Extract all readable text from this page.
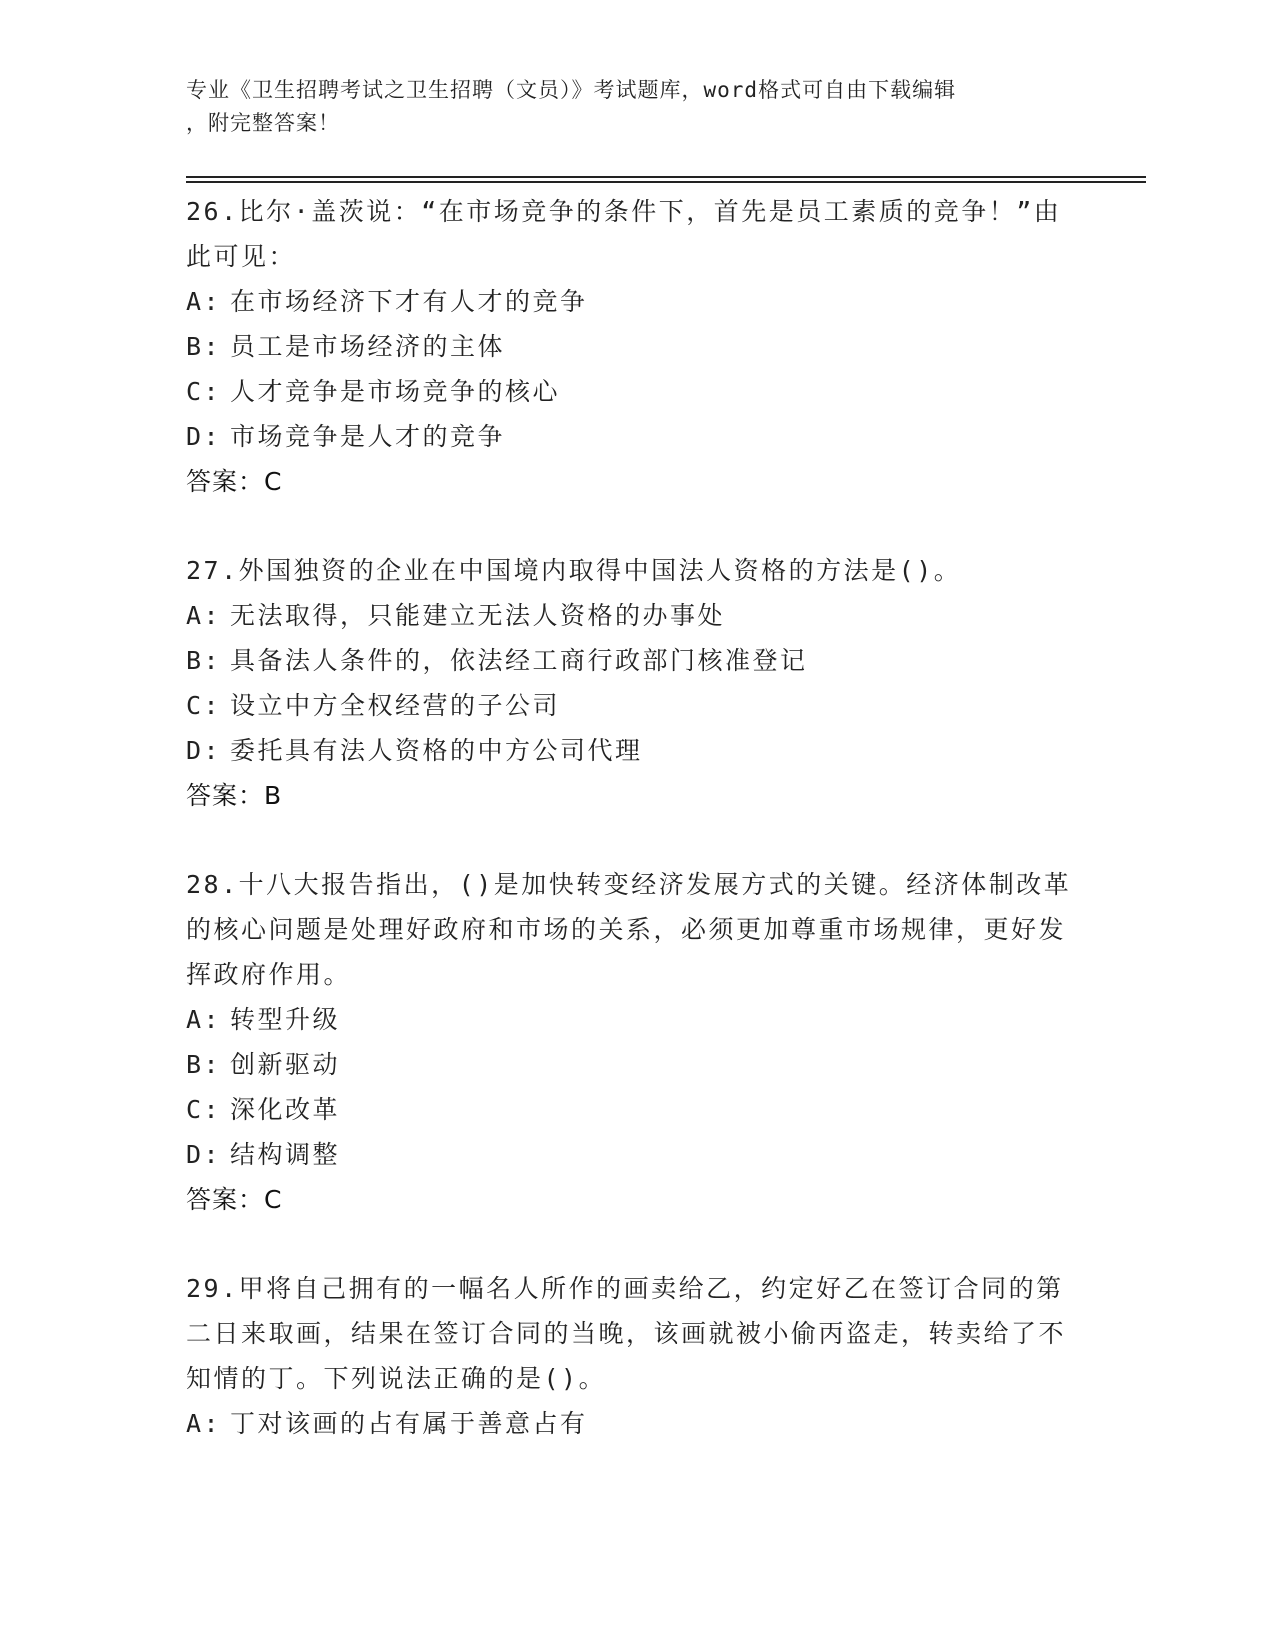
专业《卫生招聘考试之卫生招聘（文员）》考试题库，word格式可自由下载编辑
，附完整答案！

26.比尔·盖茨说：“在市场竞争的条件下，首先是员工素质的竞争！”由此可见：

A: 在市场经济下才有人才的竞争

B: 员工是市场经济的主体

C: 人才竞争是市场竞争的核心

D: 市场竞争是人才的竞争

答案：C

27.外国独资的企业在中国境内取得中国法人资格的方法是()。

A: 无法取得，只能建立无法人资格的办事处

B: 具备法人条件的，依法经工商行政部门核准登记

C: 设立中方全权经营的子公司

D: 委托具有法人资格的中方公司代理

答案：B

28.十八大报告指出，()是加快转变经济发展方式的关键。经济体制改革的核心问题是处理好政府和市场的关系，必须更加尊重市场规律，更好发挥政府作用。

A: 转型升级

B: 创新驱动

C: 深化改革

D: 结构调整

答案：C

29.甲将自己拥有的一幅名人所作的画卖给乙，约定好乙在签订合同的第二日来取画，结果在签订合同的当晚，该画就被小偷丙盗走，转卖给了不知情的丁。下列说法正确的是()。

A: 丁对该画的占有属于善意占有
